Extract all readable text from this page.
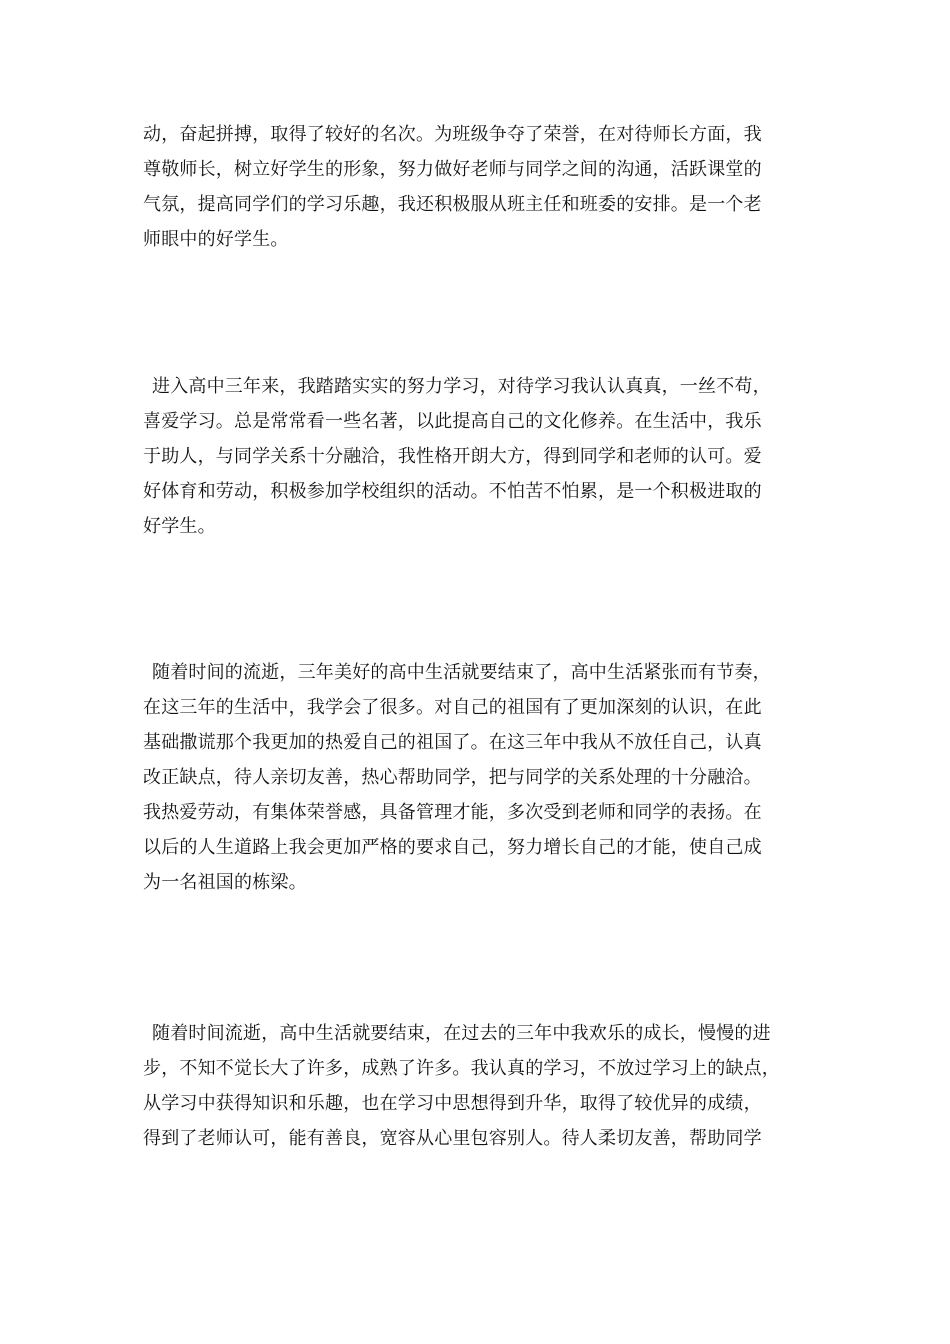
动，奋起拼搏，取得了较好的名次。为班级争夺了荣誉，在对待师长方面，我
尊敬师长，树立好学生的形象，努力做好老师与同学之间的沟通，活跃课堂的
气氛，提高同学们的学习乐趣，我还积极服从班主任和班委的安排。是一个老
师眼中的好学生。
进入高中三年来，我踏踏实实的努力学习，对待学习我认认真真，一丝不苟，
喜爱学习。总是常常看一些名著，以此提高自己的文化修养。在生活中，我乐
于助人，与同学关系十分融洽，我性格开朗大方，得到同学和老师的认可。爱
好体育和劳动，积极参加学校组织的活动。不怕苦不怕累，是一个积极进取的
好学生。
随着时间的流逝，三年美好的高中生活就要结束了，高中生活紧张而有节奏，
在这三年的生活中，我学会了很多。对自己的祖国有了更加深刻的认识，在此
基础撒谎那个我更加的热爱自己的祖国了。在这三年中我从不放任自己，认真
改正缺点，待人亲切友善，热心帮助同学，把与同学的关系处理的十分融洽。
我热爱劳动，有集体荣誉感，具备管理才能，多次受到老师和同学的表扬。在
以后的人生道路上我会更加严格的要求自己，努力增长自己的才能，使自己成
为一名祖国的栋梁。
随着时间流逝，高中生活就要结束，在过去的三年中我欢乐的成长，慢慢的进
步，不知不觉长大了许多，成熟了许多。我认真的学习，不放过学习上的缺点，
从学习中获得知识和乐趣，也在学习中思想得到升华，取得了较优异的成绩，
得到了老师认可，能有善良，宽容从心里包容别人。待人柔切友善，帮助同学
